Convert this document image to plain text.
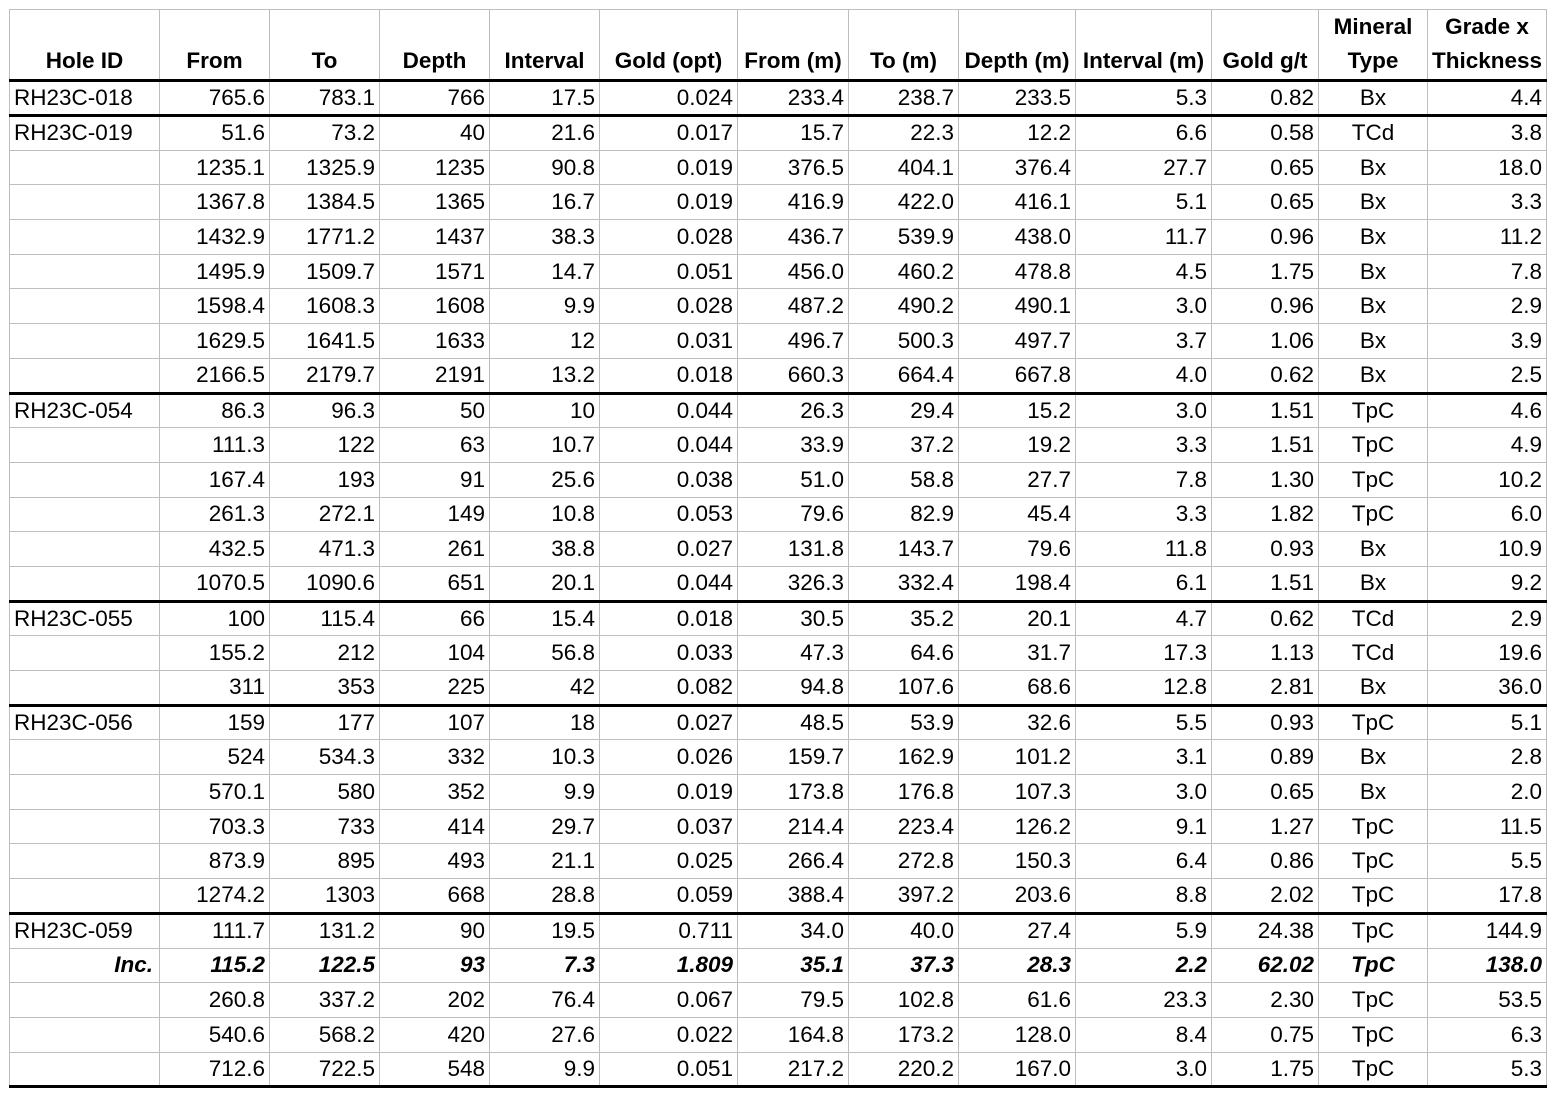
Hole ID	From	To	Depth	Interval	Gold (opt)	From (m)	To (m)	Depth (m)	Interval (m)	Gold g/t	Mineral Type	Grade x Thickness
RH23C-018	765.6	783.1	766	17.5	0.024	233.4	238.7	233.5	5.3	0.82	Bx	4.4
RH23C-019	51.6	73.2	40	21.6	0.017	15.7	22.3	12.2	6.6	0.58	TCd	3.8
	1235.1	1325.9	1235	90.8	0.019	376.5	404.1	376.4	27.7	0.65	Bx	18.0
	1367.8	1384.5	1365	16.7	0.019	416.9	422.0	416.1	5.1	0.65	Bx	3.3
	1432.9	1771.2	1437	38.3	0.028	436.7	539.9	438.0	11.7	0.96	Bx	11.2
	1495.9	1509.7	1571	14.7	0.051	456.0	460.2	478.8	4.5	1.75	Bx	7.8
	1598.4	1608.3	1608	9.9	0.028	487.2	490.2	490.1	3.0	0.96	Bx	2.9
	1629.5	1641.5	1633	12	0.031	496.7	500.3	497.7	3.7	1.06	Bx	3.9
	2166.5	2179.7	2191	13.2	0.018	660.3	664.4	667.8	4.0	0.62	Bx	2.5
RH23C-054	86.3	96.3	50	10	0.044	26.3	29.4	15.2	3.0	1.51	TpC	4.6
	111.3	122	63	10.7	0.044	33.9	37.2	19.2	3.3	1.51	TpC	4.9
	167.4	193	91	25.6	0.038	51.0	58.8	27.7	7.8	1.30	TpC	10.2
	261.3	272.1	149	10.8	0.053	79.6	82.9	45.4	3.3	1.82	TpC	6.0
	432.5	471.3	261	38.8	0.027	131.8	143.7	79.6	11.8	0.93	Bx	10.9
	1070.5	1090.6	651	20.1	0.044	326.3	332.4	198.4	6.1	1.51	Bx	9.2
RH23C-055	100	115.4	66	15.4	0.018	30.5	35.2	20.1	4.7	0.62	TCd	2.9
	155.2	212	104	56.8	0.033	47.3	64.6	31.7	17.3	1.13	TCd	19.6
	311	353	225	42	0.082	94.8	107.6	68.6	12.8	2.81	Bx	36.0
RH23C-056	159	177	107	18	0.027	48.5	53.9	32.6	5.5	0.93	TpC	5.1
	524	534.3	332	10.3	0.026	159.7	162.9	101.2	3.1	0.89	Bx	2.8
	570.1	580	352	9.9	0.019	173.8	176.8	107.3	3.0	0.65	Bx	2.0
	703.3	733	414	29.7	0.037	214.4	223.4	126.2	9.1	1.27	TpC	11.5
	873.9	895	493	21.1	0.025	266.4	272.8	150.3	6.4	0.86	TpC	5.5
	1274.2	1303	668	28.8	0.059	388.4	397.2	203.6	8.8	2.02	TpC	17.8
RH23C-059	111.7	131.2	90	19.5	0.711	34.0	40.0	27.4	5.9	24.38	TpC	144.9
Inc.	115.2	122.5	93	7.3	1.809	35.1	37.3	28.3	2.2	62.02	TpC	138.0
	260.8	337.2	202	76.4	0.067	79.5	102.8	61.6	23.3	2.30	TpC	53.5
	540.6	568.2	420	27.6	0.022	164.8	173.2	128.0	8.4	0.75	TpC	6.3
	712.6	722.5	548	9.9	0.051	217.2	220.2	167.0	3.0	1.75	TpC	5.3
